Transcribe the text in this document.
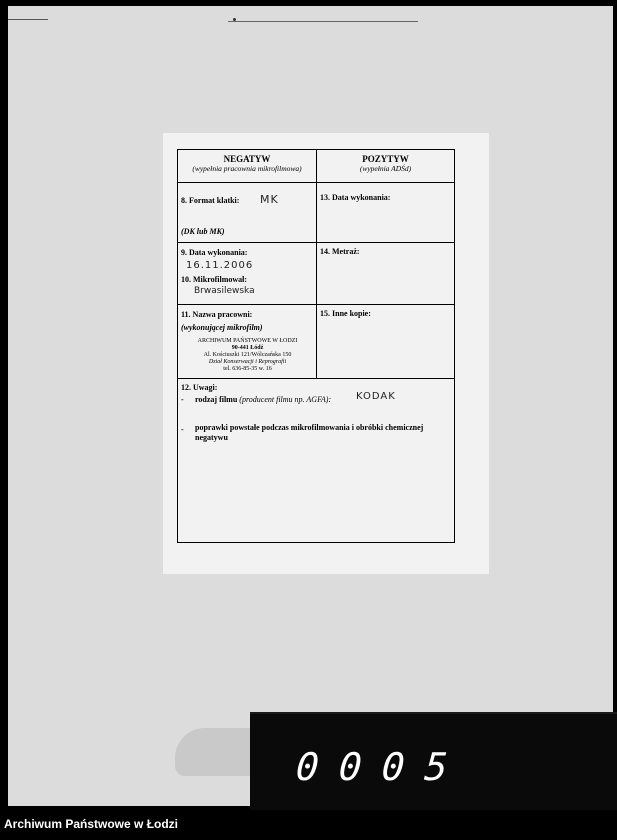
NEGATYW
(wypełnia pracownia mikrofilmowa)
POZYTYW
(wypełnia ADŚd)
8. Format klatki: MK
(DK lub MK)
13. Data wykonania:
9. Data wykonania:
16.11.2006
10. Mikrofilmował:
Brwasilewska
14. Metraż:
11. Nazwa pracowni:
(wykonującej mikrofilm)
ARCHIWUM PAŃSTWOWE W ŁODZI
90-441 Łódź
Al. Kościuszki 121/Wólczańska 150
Dział Konserwacji i Reprografii
tel. 636-85-35 w. 16
15. Inne kopie:
12. Uwagi:
- rodzaj filmu (producent filmu np. AGFA): KODAK
- poprawki powstałe podczas mikrofilmowania i obróbki chemicznej negatywu
0005
Archiwum Państwowe w Łodzi
